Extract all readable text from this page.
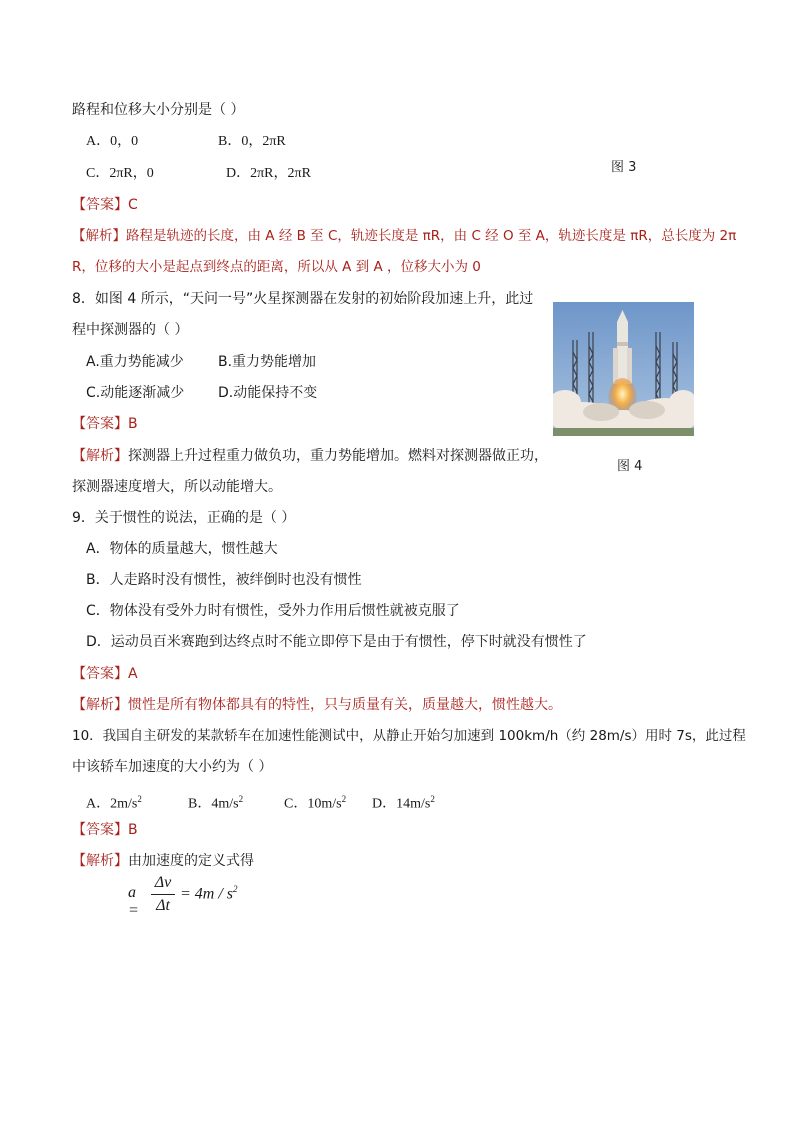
路程和位移大小分别是（ ）
A．0，0	B．0，2πR
C．2πR，0	D．2πR，2πR	图 3
【答案】C
【解析】路程是轨迹的长度，由 A 经 B 至 C，轨迹长度是 πR，由 C 经 O 至 A，轨迹长度是 πR，总长度为 2π
R，位移的大小是起点到终点的距离，所以从 A 到 A ，位移大小为 0
8．如图 4 所示，“天问一号”火星探测器在发射的初始阶段加速上升，此过
程中探测器的（ ）
A.重力势能减少 B.重力势能增加
C.动能逐渐减少 D.动能保持不变
图 4
【答案】B
【解析】探测器上升过程重力做负功，重力势能增加。燃料对探测器做正功，
探测器速度增大，所以动能增大。
9．关于惯性的说法，正确的是（ ）
A．物体的质量越大，惯性越大
B．人走路时没有惯性，被绊倒时也没有惯性
C．物体没有受外力时有惯性，受外力作用后惯性就被克服了
D．运动员百米赛跑到达终点时不能立即停下是由于有惯性，停下时就没有惯性了
【答案】A
【解析】惯性是所有物体都具有的特性，只与质量有关，质量越大，惯性越大。
10．我国自主研发的某款轿车在加速性能测试中，从静止开始匀加速到 100km/h（约 28m/s）用时 7s，此过程
中该轿车加速度的大小约为（ ）
A．$2m/s^2$	B．$4m/s^2$	C．$10m/s^2$ D．$14m/s^2$
【答案】B
【解析】由加速度的定义式得
a =
Δv
Δt
= $4m / s^2$
